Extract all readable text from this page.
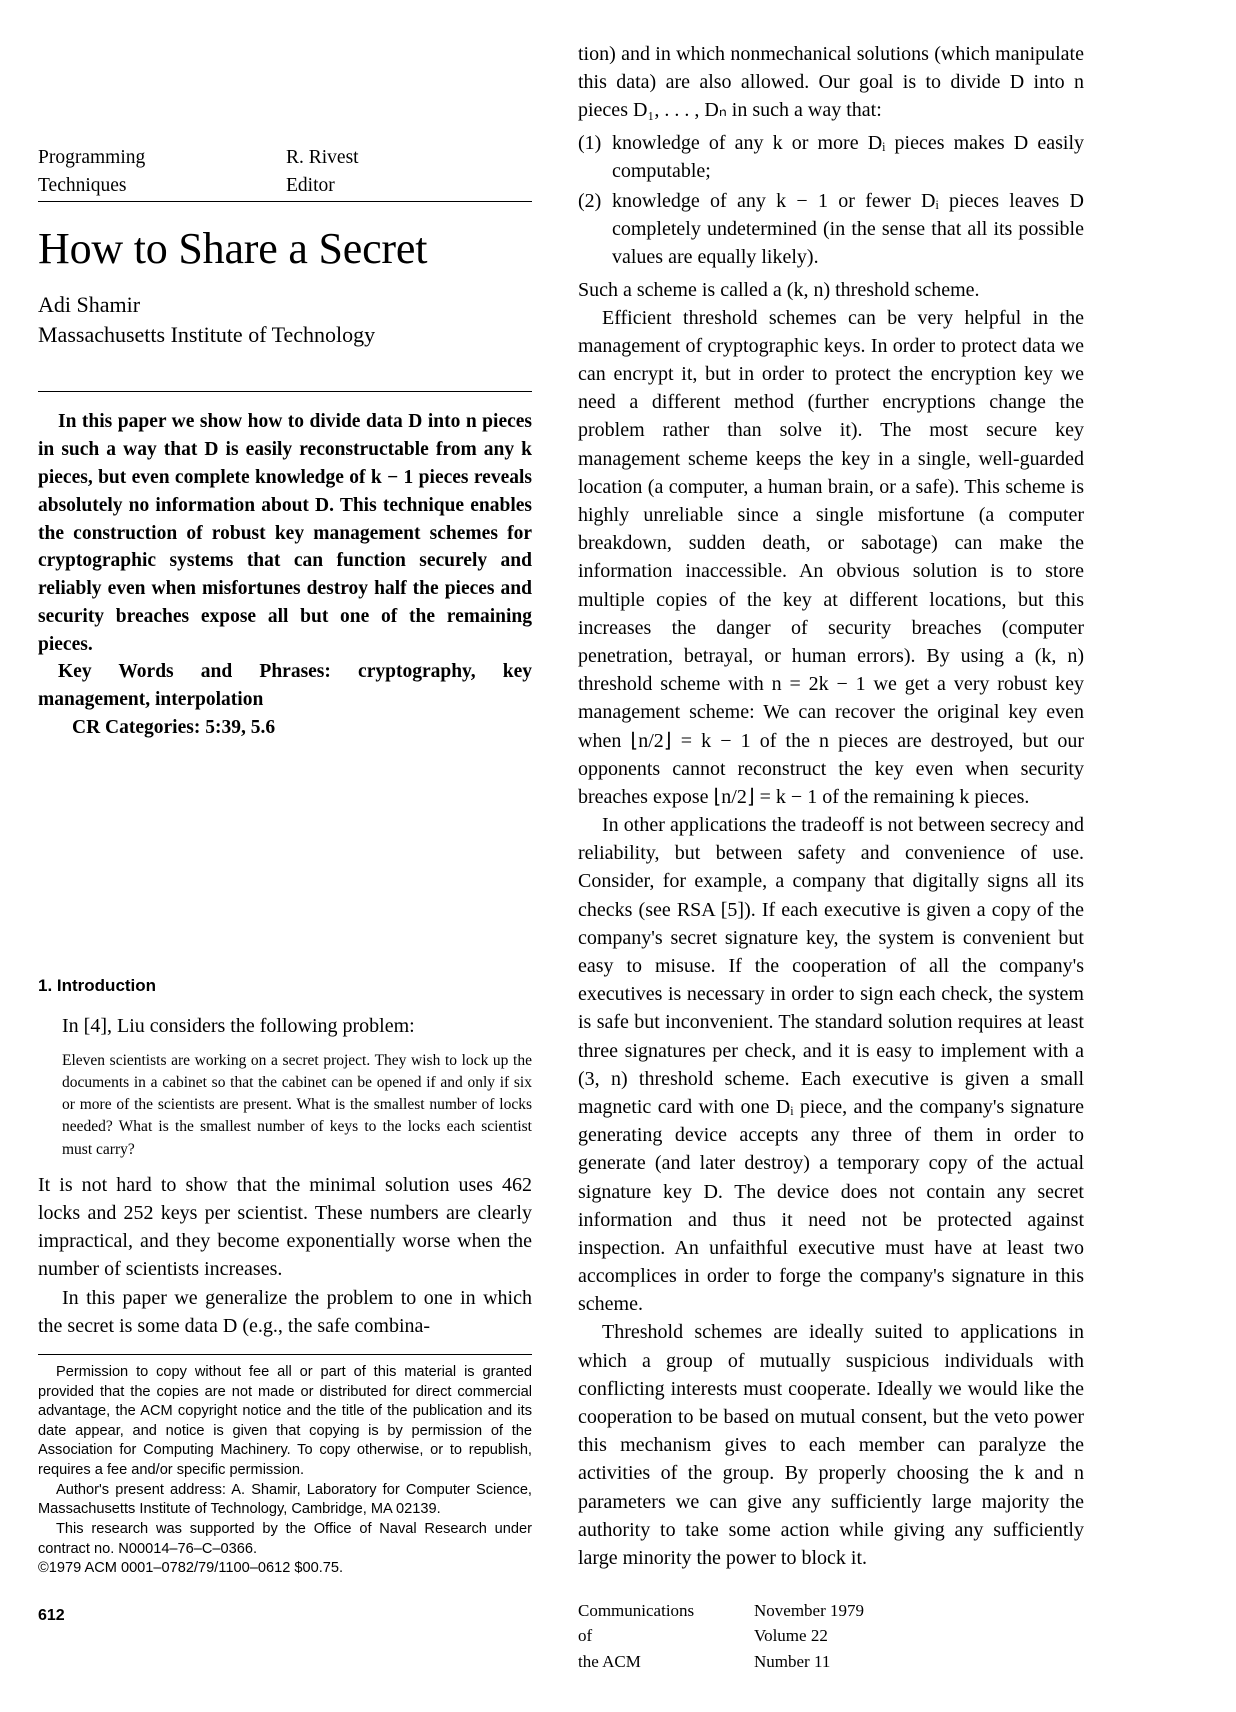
Programming	R. Rivest
Techniques	Editor
How to Share a Secret
Adi Shamir
Massachusetts Institute of Technology

In this paper we show how to divide data D into n pieces in such a way that D is easily reconstructable from any k pieces, but even complete knowledge of k − 1 pieces reveals absolutely no information about D. This technique enables the construction of robust key management schemes for cryptographic systems that can function securely and reliably even when misfortunes destroy half the pieces and security breaches expose all but one of the remaining pieces.

Key Words and Phrases: cryptography, key management, interpolation

CR Categories: 5:39, 5.6

1. Introduction

In [4], Liu considers the following problem:

Eleven scientists are working on a secret project. They wish to lock up the documents in a cabinet so that the cabinet can be opened if and only if six or more of the scientists are present. What is the smallest number of locks needed? What is the smallest number of keys to the locks each scientist must carry?

It is not hard to show that the minimal solution uses 462 locks and 252 keys per scientist. These numbers are clearly impractical, and they become exponentially worse when the number of scientists increases.

In this paper we generalize the problem to one in which the secret is some data D (e.g., the safe combina-

Permission to copy without fee all or part of this material is granted provided that the copies are not made or distributed for direct commercial advantage, the ACM copyright notice and the title of the publication and its date appear, and notice is given that copying is by permission of the Association for Computing Machinery. To copy otherwise, or to republish, requires a fee and/or specific permission.

Author's present address: A. Shamir, Laboratory for Computer Science, Massachusetts Institute of Technology, Cambridge, MA 02139.

This research was supported by the Office of Naval Research under contract no. N00014–76–C–0366.

©1979 ACM 0001–0782/79/1100–0612 $00.75.

612

tion) and in which nonmechanical solutions (which manipulate this data) are also allowed. Our goal is to divide D into n pieces D₁, . . . , Dₙ in such a way that:

(1) knowledge of any k or more Dᵢ pieces makes D easily computable;
(2) knowledge of any k − 1 or fewer Dᵢ pieces leaves D completely undetermined (in the sense that all its possible values are equally likely).

Such a scheme is called a (k, n) threshold scheme.

Efficient threshold schemes can be very helpful in the management of cryptographic keys. In order to protect data we can encrypt it, but in order to protect the encryption key we need a different method (further encryptions change the problem rather than solve it). The most secure key management scheme keeps the key in a single, well-guarded location (a computer, a human brain, or a safe). This scheme is highly unreliable since a single misfortune (a computer breakdown, sudden death, or sabotage) can make the information inaccessible. An obvious solution is to store multiple copies of the key at different locations, but this increases the danger of security breaches (computer penetration, betrayal, or human errors). By using a (k, n) threshold scheme with n = 2k − 1 we get a very robust key management scheme: We can recover the original key even when ⌊n/2⌋ = k − 1 of the n pieces are destroyed, but our opponents cannot reconstruct the key even when security breaches expose ⌊n/2⌋ = k − 1 of the remaining k pieces.

In other applications the tradeoff is not between secrecy and reliability, but between safety and convenience of use. Consider, for example, a company that digitally signs all its checks (see RSA [5]). If each executive is given a copy of the company's secret signature key, the system is convenient but easy to misuse. If the cooperation of all the company's executives is necessary in order to sign each check, the system is safe but inconvenient. The standard solution requires at least three signatures per check, and it is easy to implement with a (3, n) threshold scheme. Each executive is given a small magnetic card with one Dᵢ piece, and the company's signature generating device accepts any three of them in order to generate (and later destroy) a temporary copy of the actual signature key D. The device does not contain any secret information and thus it need not be protected against inspection. An unfaithful executive must have at least two accomplices in order to forge the company's signature in this scheme.

Threshold schemes are ideally suited to applications in which a group of mutually suspicious individuals with conflicting interests must cooperate. Ideally we would like the cooperation to be based on mutual consent, but the veto power this mechanism gives to each member can paralyze the activities of the group. By properly choosing the k and n parameters we can give any sufficiently large majority the authority to take some action while giving any sufficiently large minority the power to block it.

Communications	November 1979
of	Volume 22
the ACM	Number 11
